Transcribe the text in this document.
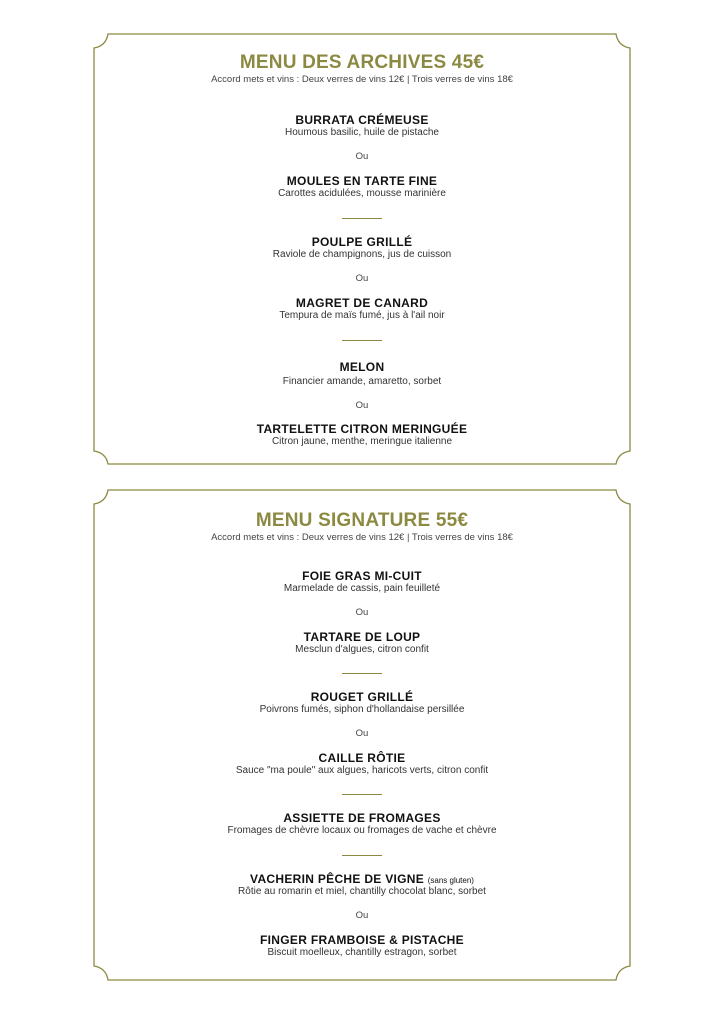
MENU DES ARCHIVES 45€
Accord mets et vins : Deux verres de vins 12€ | Trois verres de vins 18€
BURRATA CRÉMEUSE
Houmous basilic, huile de pistache
Ou
MOULES EN TARTE FINE
Carottes acidulées, mousse marinière
POULPE GRILLÉ
Raviole de champignons, jus de cuisson
Ou
MAGRET DE CANARD
Tempura de maïs fumé, jus à l'ail noir
MELON
Financier amande, amaretto, sorbet
Ou
TARTELETTE CITRON MERINGUÉE
Citron jaune, menthe, meringue italienne
MENU SIGNATURE 55€
Accord mets et vins : Deux verres de vins 12€ | Trois verres de vins 18€
FOIE GRAS MI-CUIT
Marmelade de cassis, pain feuilleté
Ou
TARTARE DE LOUP
Mesclun d'algues, citron confit
ROUGET GRILLÉ
Poivrons fumés, siphon d'hollandaise persillée
Ou
CAILLE RÔTIE
Sauce "ma poule" aux algues, haricots verts, citron confit
ASSIETTE DE FROMAGES
Fromages de chèvre locaux ou fromages de vache et chèvre
VACHERIN PÊCHE DE VIGNE (sans gluten)
Rôtie au romarin et miel, chantilly chocolat blanc, sorbet
Ou
FINGER FRAMBOISE & PISTACHE
Biscuit moelleux, chantilly estragon, sorbet
